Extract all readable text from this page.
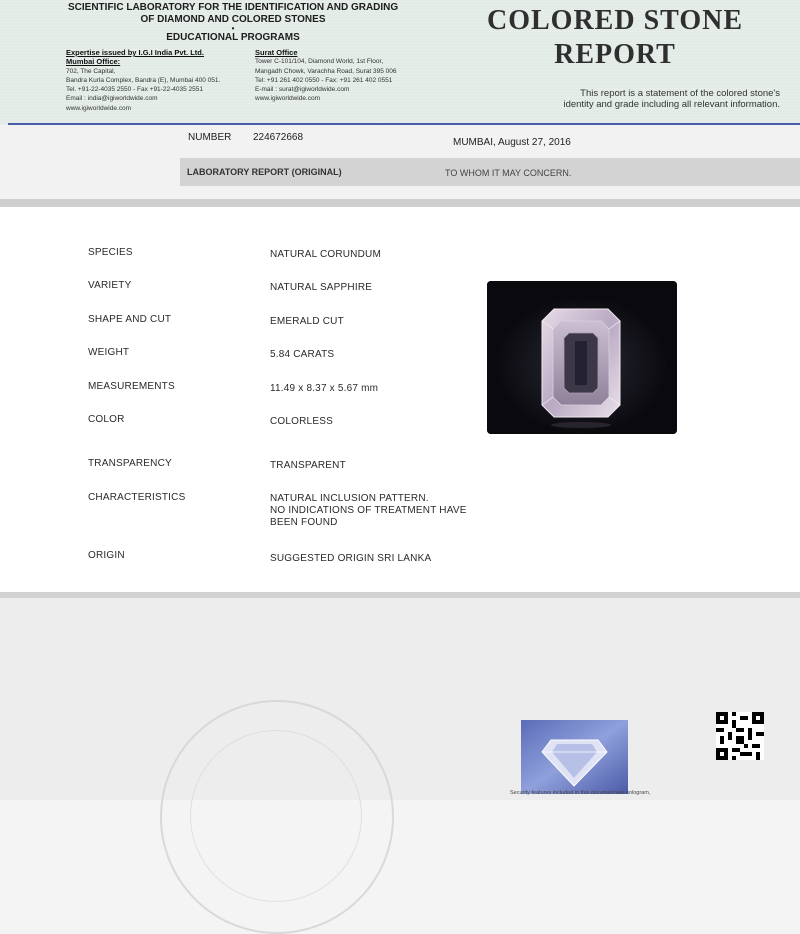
SCIENTIFIC LABORATORY FOR THE IDENTIFICATION AND GRADING
OF DIAMOND AND COLORED STONES
•
EDUCATIONAL PROGRAMS
Expertise issued by I.G.I India Pvt. Ltd.
Mumbai Office:
702, The Capital,
Bandra Kurla Complex, Bandra (E), Mumbai 400 051.
Tel. +91-22-4035 2550 - Fax +91-22-4035 2551
Email : india@igiworldwide.com
www.igiworldwide.com
Surat Office
Tower C-101/104, Diamond World, 1st Floor,
Mangadh Chowk, Varachha Road, Surat 395 006
Tel: +91 261 402 0550 - Fax: +91 261 402 0551
E-mail : surat@igiworldwide.com
www.igiworldwide.com
COLORED STONE
REPORT
This report is a statement of the colored stone's
identity and grade including all relevant information.
NUMBER 224672668	MUMBAI, August 27, 2016
LABORATORY REPORT (ORIGINAL)	TO WHOM IT MAY CONCERN.
SPECIES	NATURAL CORUNDUM
VARIETY	NATURAL SAPPHIRE
SHAPE AND CUT	EMERALD CUT
WEIGHT	5.84 CARATS
MEASUREMENTS	11.49 x 8.37 x 5.67 mm
COLOR	COLORLESS
TRANSPARENCY	TRANSPARENT
CHARACTERISTICS	NATURAL INCLUSION PATTERN.
NO INDICATIONS OF TREATMENT HAVE
BEEN FOUND
ORIGIN	SUGGESTED ORIGIN SRI LANKA
Security features included in this document are hologram,
